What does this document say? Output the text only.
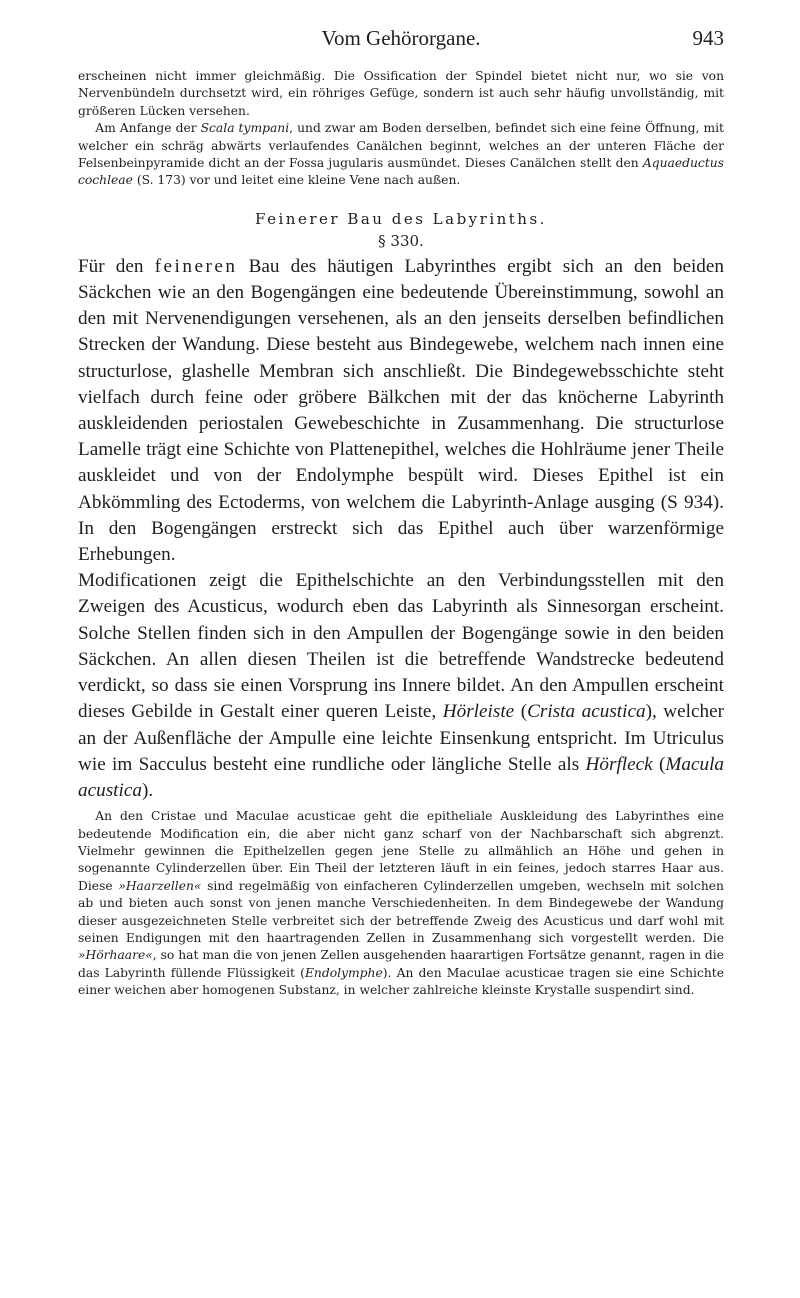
Vom Gehörorgane.	943

erscheinen nicht immer gleichmäßig. Die Ossification der Spindel bietet nicht nur, wo sie von Nervenbündeln durchsetzt wird, ein röhriges Gefüge, sondern ist auch sehr häufig unvollständig, mit größeren Lücken versehen.

Am Anfange der Scala tympani, und zwar am Boden derselben, befindet sich eine feine Öffnung, mit welcher ein schräg abwärts verlaufendes Canälchen beginnt, welches an der unteren Fläche der Felsenbeinpyramide dicht an der Fossa jugularis ausmündet. Dieses Canälchen stellt den Aquaeductus cochleae (S. 173) vor und leitet eine kleine Vene nach außen.

Feinerer Bau des Labyrinths.
§ 330.

Für den feineren Bau des häutigen Labyrinthes ergibt sich an den beiden Säckchen wie an den Bogengängen eine bedeutende Übereinstimmung, sowohl an den mit Nervenendigungen versehenen, als an den jenseits derselben befindlichen Strecken der Wandung. Diese besteht aus Bindegewebe, welchem nach innen eine structurlose, glashelle Membran sich anschließt. Die Bindegewebsschichte steht vielfach durch feine oder gröbere Bälkchen mit der das knöcherne Labyrinth auskleidenden periostalen Gewebeschichte in Zusammenhang. Die structurlose Lamelle trägt eine Schichte von Plattenepithel, welches die Hohlräume jener Theile auskleidet und von der Endolymphe bespült wird. Dieses Epithel ist ein Abkömmling des Ectoderms, von welchem die Labyrinth-Anlage ausging (S 934). In den Bogengängen erstreckt sich das Epithel auch über warzenförmige Erhebungen.

Modificationen zeigt die Epithelschichte an den Verbindungsstellen mit den Zweigen des Acusticus, wodurch eben das Labyrinth als Sinnesorgan erscheint. Solche Stellen finden sich in den Ampullen der Bogengänge sowie in den beiden Säckchen. An allen diesen Theilen ist die betreffende Wandstrecke bedeutend verdickt, so dass sie einen Vorsprung ins Innere bildet. An den Ampullen erscheint dieses Gebilde in Gestalt einer queren Leiste, Hörleiste (Crista acustica), welcher an der Außenfläche der Ampulle eine leichte Einsenkung entspricht. Im Utriculus wie im Sacculus besteht eine rundliche oder längliche Stelle als Hörfleck (Macula acustica).

An den Cristae und Maculae acusticae geht die epitheliale Auskleidung des Labyrinthes eine bedeutende Modification ein, die aber nicht ganz scharf von der Nachbarschaft sich abgrenzt. Vielmehr gewinnen die Epithelzellen gegen jene Stelle zu allmählich an Höhe und gehen in sogenannte Cylinderzellen über. Ein Theil der letzteren läuft in ein feines, jedoch starres Haar aus. Diese »Haarzellen« sind regelmäßig von einfacheren Cylinderzellen umgeben, wechseln mit solchen ab und bieten auch sonst von jenen manche Verschiedenheiten. In dem Bindegewebe der Wandung dieser ausgezeichneten Stelle verbreitet sich der betreffende Zweig des Acusticus und darf wohl mit seinen Endigungen mit den haartragenden Zellen in Zusammenhang sich vorgestellt werden. Die »Hörhaare«, so hat man die von jenen Zellen ausgehenden haarartigen Fortsätze genannt, ragen in die das Labyrinth füllende Flüssigkeit (Endolymphe). An den Maculae acusticae tragen sie eine Schichte einer weichen aber homogenen Substanz, in welcher zahlreiche kleinste Krystalle suspendirt sind.
